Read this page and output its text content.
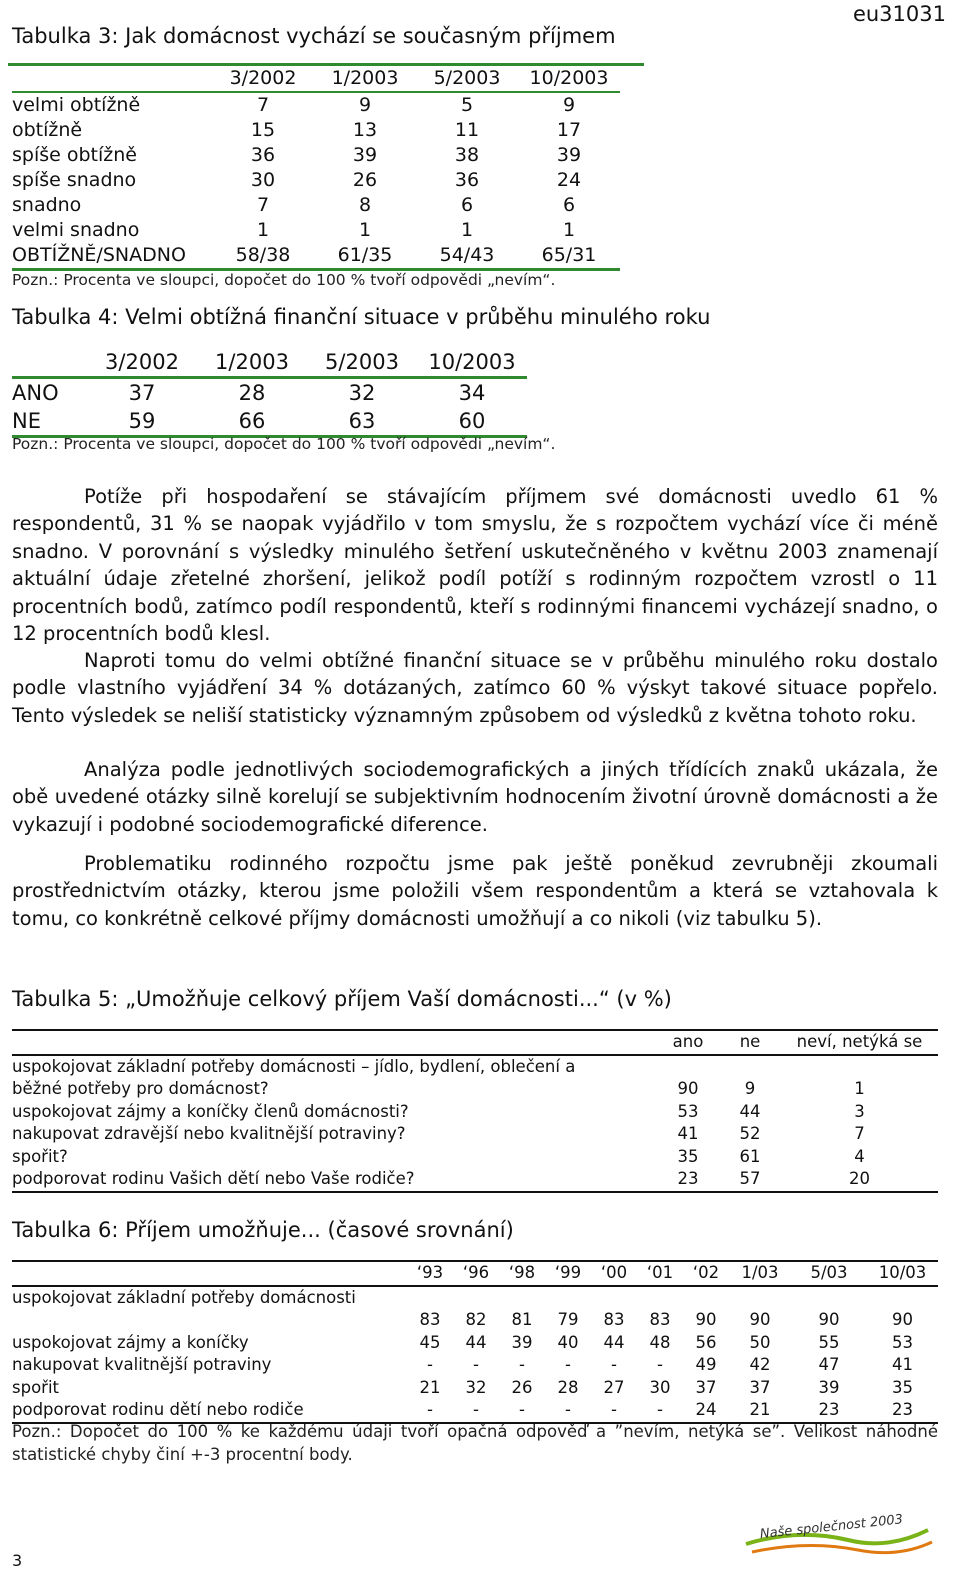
eu31031
Tabulka 3: Jak domácnost vychází se současným příjmem
	3/2002	1/2003	5/2003	10/2003
velmi obtížně	7	9	5	9
obtížně	15	13	11	17
spíše obtížně	36	39	38	39
spíše snadno	30	26	36	24
snadno	7	8	6	6
velmi snadno	1	1	1	1
OBTÍŽNĚ/SNADNO	58/38	61/35	54/43	65/31
Pozn.: Procenta ve sloupci, dopočet do 100 % tvoří odpovědi „nevím“.
Tabulka 4: Velmi obtížná finanční situace v průběhu minulého roku
	3/2002	1/2003	5/2003	10/2003
ANO	37	28	32	34
NE	59	66	63	60
Pozn.: Procenta ve sloupci, dopočet do 100 % tvoří odpovědi „nevím“.

Potíže při hospodaření se stávajícím příjmem své domácnosti uvedlo 61 % respondentů, 31 % se naopak vyjádřilo v tom smyslu, že s rozpočtem vychází více či méně snadno. V porovnání s výsledky minulého šetření uskutečněného v květnu 2003 znamenají aktuální údaje zřetelné zhoršení, jelikož podíl potíží s rodinným rozpočtem vzrostl o 11 procentních bodů, zatímco podíl respondentů, kteří s rodinnými financemi vycházejí snadno, o 12 procentních bodů klesl.

Naproti tomu do velmi obtížné finanční situace se v průběhu minulého roku dostalo podle vlastního vyjádření 34 % dotázaných, zatímco 60 % výskyt takové situace popřelo. Tento výsledek se neliší statisticky významným způsobem od výsledků z května tohoto roku.

Analýza podle jednotlivých sociodemografických a jiných třídících znaků ukázala, že obě uvedené otázky silně korelují se subjektivním hodnocením životní úrovně domácnosti a že vykazují i podobné sociodemografické diference.

Problematiku rodinného rozpočtu jsme pak ještě poněkud zevrubněji zkoumali prostřednictvím otázky, kterou jsme položili všem respondentům a která se vztahovala k tomu, co konkrétně celkové příjmy domácnosti umožňují a co nikoli (viz tabulku 5).

Tabulka 5: „Umožňuje celkový příjem Vaší domácnosti...“ (v %)
	ano	ne	neví, netýká se
uspokojovat základní potřeby domácnosti – jídlo, bydlení, oblečení a			
běžné potřeby pro domácnost?	90	9	1
uspokojovat zájmy a koníčky členů domácnosti?	53	44	3
nakupovat zdravější nebo kvalitnější potraviny?	41	52	7
spořit?	35	61	4
podporovat rodinu Vašich dětí nebo Vaše rodiče?	23	57	20
Tabulka 6: Příjem umožňuje... (časové srovnání)
	‘93	‘96	‘98	‘99	‘00	‘01	‘02	1/03	5/03	10/03
uspokojovat základní potřeby domácnosti										
	83	82	81	79	83	83	90	90	90	90
uspokojovat zájmy a koníčky	45	44	39	40	44	48	56	50	55	53
nakupovat kvalitnější potraviny	-	-	-	-	-	-	49	42	47	41
spořit	21	32	26	28	27	30	37	37	39	35
podporovat rodinu dětí nebo rodiče	-	-	-	-	-	-	24	21	23	23
Pozn.: Dopočet do 100 % ke každému údaji tvoří opačná odpověď a ”nevím, netýká se”. Velikost náhodné statistické chyby činí +-3 procentní body.
3
Naše společnost 2003
